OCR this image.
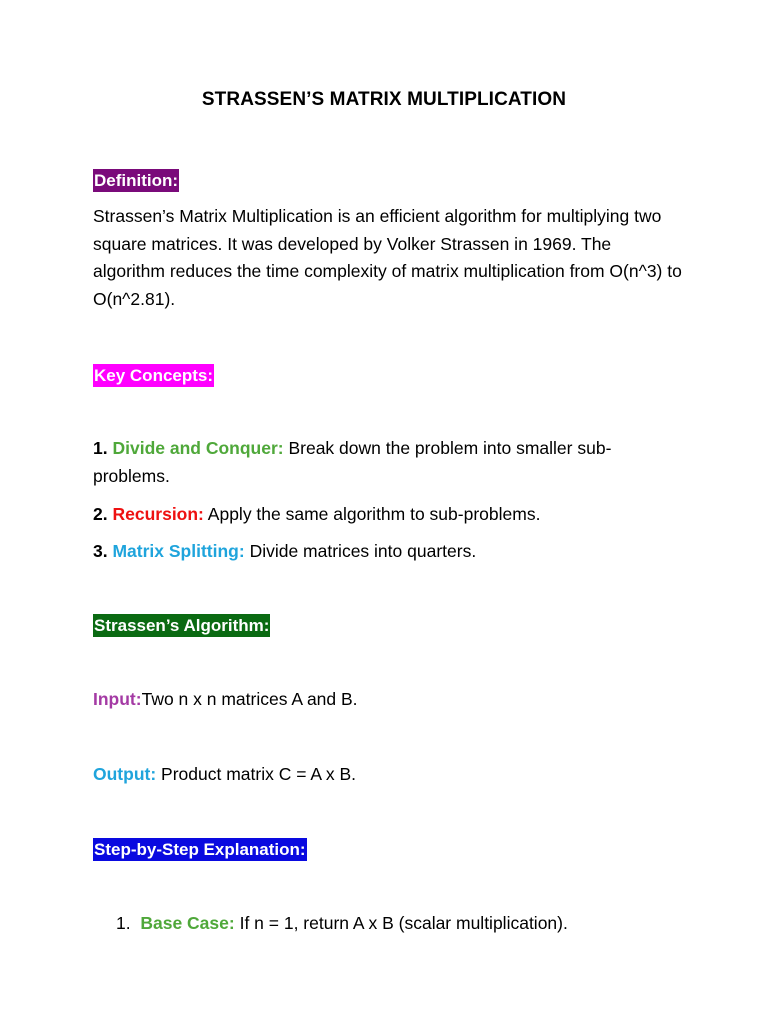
STRASSEN’S MATRIX MULTIPLICATION
Definition:
Strassen’s Matrix Multiplication is an efficient algorithm for multiplying two square matrices. It was developed by Volker Strassen in 1969. The algorithm reduces the time complexity of matrix multiplication from O(n^3) to O(n^2.81).
Key Concepts:
1. Divide and Conquer: Break down the problem into smaller sub-problems.
2. Recursion: Apply the same algorithm to sub-problems.
3. Matrix Splitting: Divide matrices into quarters.
Strassen’s Algorithm:
Input:Two n x n matrices A and B.
Output: Product matrix C = A x B.
Step-by-Step Explanation:
1. Base Case: If n = 1, return A x B (scalar multiplication).
